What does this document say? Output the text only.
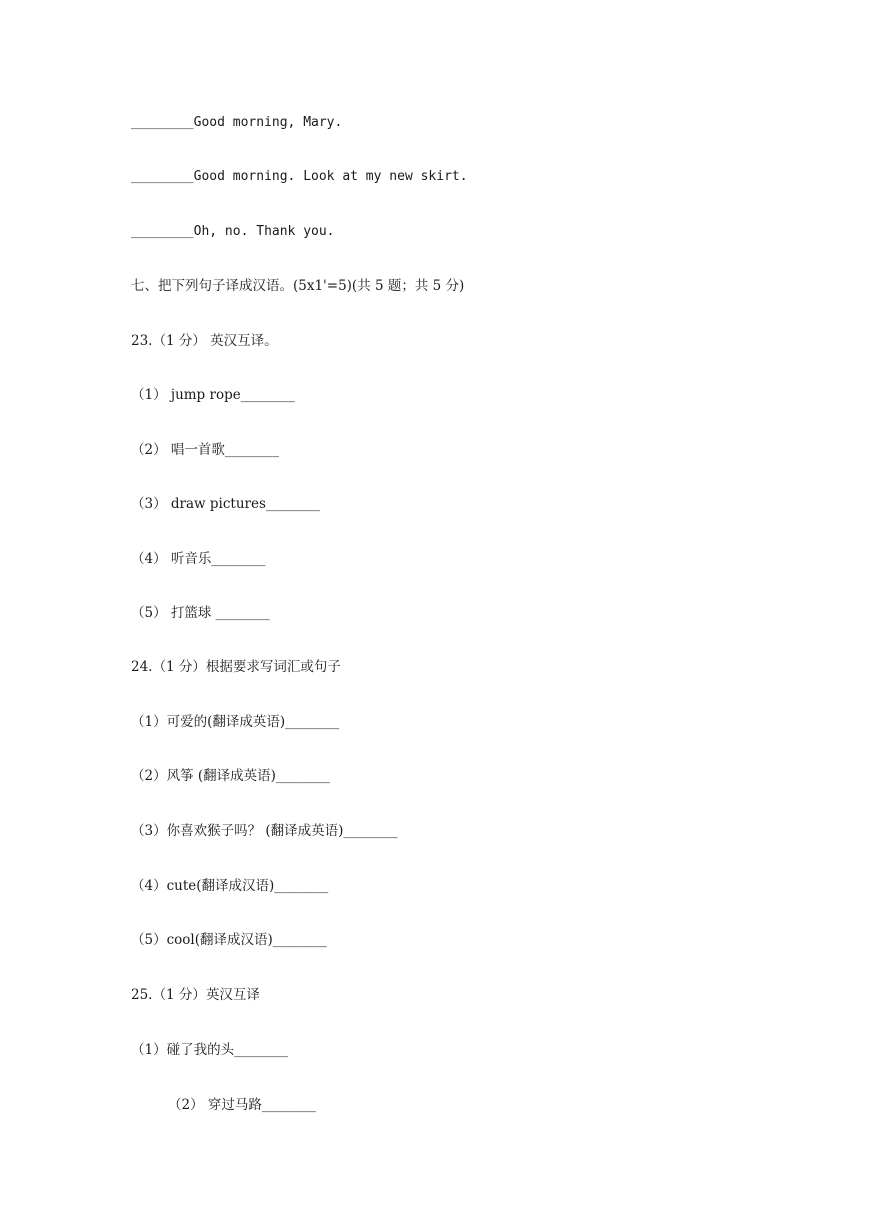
________Good morning, Mary.
________Good morning. Look at my new skirt.
________Oh, no. Thank you.
七、把下列句子译成汉语。(5x1'=5)(共 5 题；共 5 分)
23.（1 分） 英汉互译。
（1） jump rope________
（2） 唱一首歌________
（3） draw pictures________
（4） 听音乐________
（5） 打篮球 ________
24.（1 分）根据要求写词汇或句子
（1）可爱的(翻译成英语)________
（2）风筝 (翻译成英语)________
（3）你喜欢猴子吗？ (翻译成英语)________
（4）cute(翻译成汉语)________
（5）cool(翻译成汉语)________
25.（1 分）英汉互译
（1）碰了我的头________
（2） 穿过马路________
